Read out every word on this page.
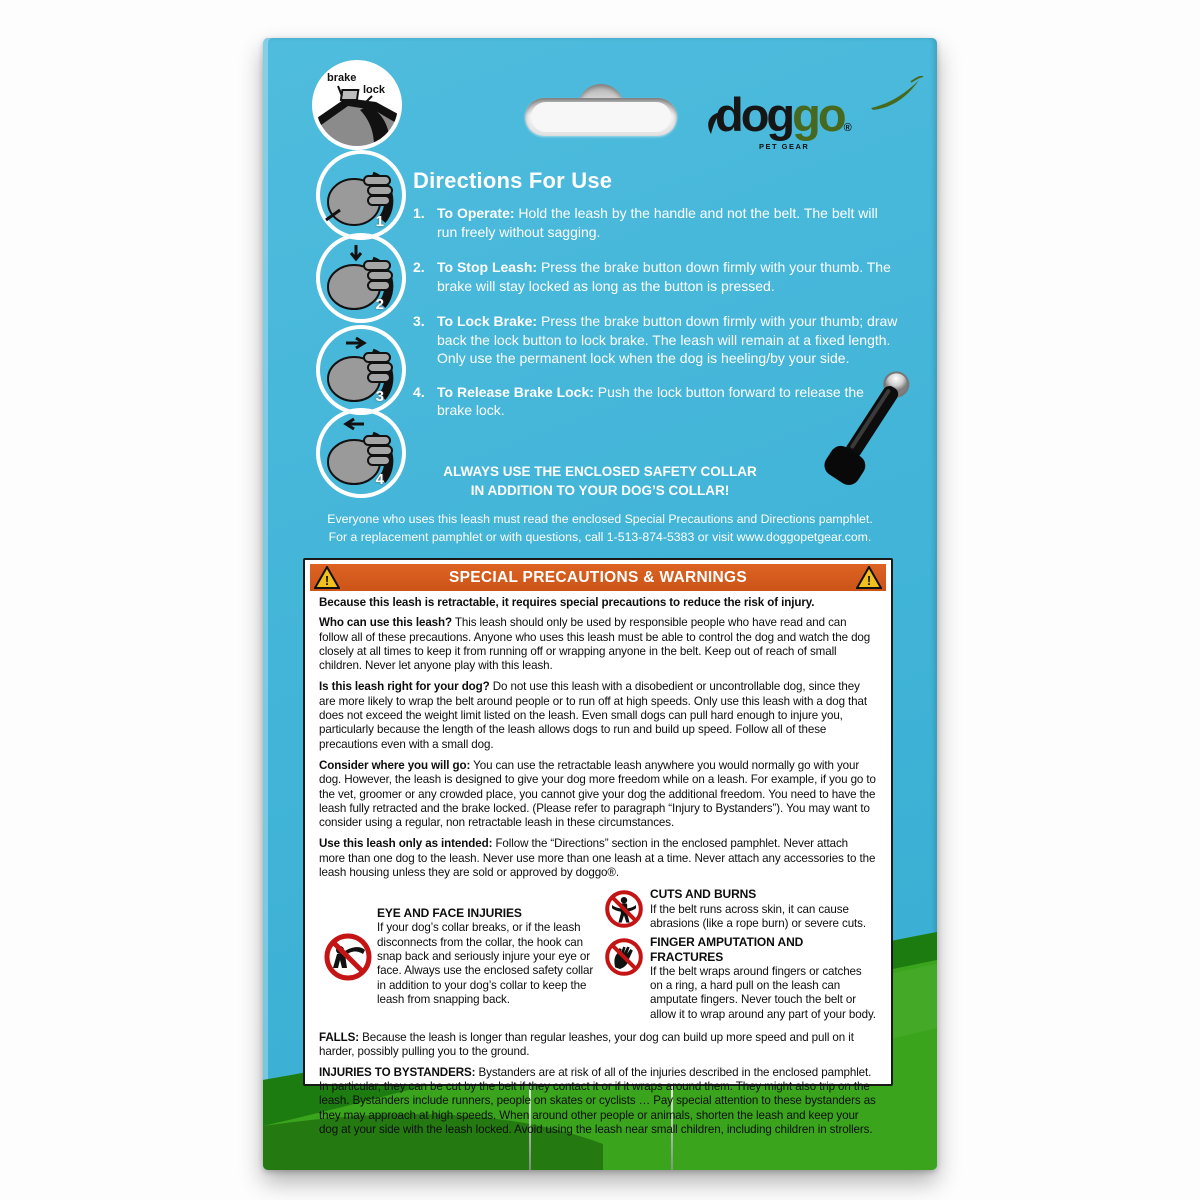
doggo®
PET GEAR
brake
lock
1
2
3
4
Directions For Use
1. To Operate: Hold the leash by the handle and not the belt. The belt will run freely without sagging.
2. To Stop Leash: Press the brake button down firmly with your thumb. The brake will stay locked as long as the button is pressed.
3. To Lock Brake: Press the brake button down firmly with your thumb; draw back the lock button to lock brake. The leash will remain at a fixed length. Only use the permanent lock when the dog is heeling/by your side.
4. To Release Brake Lock: Push the lock button forward to release the brake lock.
ALWAYS USE THE ENCLOSED SAFETY COLLAR
IN ADDITION TO YOUR DOG’S COLLAR!
Everyone who uses this leash must read the enclosed Special Precautions and Directions pamphlet.
For a replacement pamphlet or with questions, call 1-513-874-5383 or visit www.doggopetgear.com.
!	SPECIAL PRECAUTIONS & WARNINGS	!
Because this leash is retractable, it requires special precautions to reduce the risk of injury.

Who can use this leash? This leash should only be used by responsible people who have read and can follow all of these precautions. Anyone who uses this leash must be able to control the dog and watch the dog closely at all times to keep it from running off or wrapping anyone in the belt. Keep out of reach of small children. Never let anyone play with this leash.

Is this leash right for your dog? Do not use this leash with a disobedient or uncontrollable dog, since they are more likely to wrap the belt around people or to run off at high speeds. Only use this leash with a dog that does not exceed the weight limit listed on the leash. Even small dogs can pull hard enough to injure you, particularly because the length of the leash allows dogs to run and build up speed. Follow all of these precautions even with a small dog.

Consider where you will go: You can use the retractable leash anywhere you would normally go with your dog. However, the leash is designed to give your dog more freedom while on a leash. For example, if you go to the vet, groomer or any crowded place, you cannot give your dog the additional freedom. You need to have the leash fully retracted and the brake locked. (Please refer to paragraph “Injury to Bystanders”). You may want to consider using a regular, non retractable leash in these circumstances.

Use this leash only as intended: Follow the “Directions” section in the enclosed pamphlet. Never attach more than one dog to the leash. Never use more than one leash at a time. Never attach any accessories to the leash housing unless they are sold or approved by doggo®.

EYE AND FACE INJURIES
If your dog’s collar breaks, or if the leash disconnects from the collar, the hook can snap back and seriously injure your eye or face. Always use the enclosed safety collar in addition to your dog’s collar to keep the leash from snapping back.
CUTS AND BURNS
If the belt runs across skin, it can cause abrasions (like a rope burn) or severe cuts.
FINGER AMPUTATION AND FRACTURES
If the belt wraps around fingers or catches on a ring, a hard pull on the leash can amputate fingers. Never touch the belt or allow it to wrap around any part of your body.

FALLS: Because the leash is longer than regular leashes, your dog can build up more speed and pull on it harder, possibly pulling you to the ground.

INJURIES TO BYSTANDERS: Bystanders are at risk of all of the injuries described in the enclosed pamphlet. In particular, they can be cut by the belt if they contact it or if it wraps around them. They might also trip on the leash. Bystanders include runners, people on skates or cyclists … Pay special attention to these bystanders as they may approach at high speeds. When around other people or animals, shorten the leash and keep your dog at your side with the leash locked. Avoid using the leash near small children, including children in strollers.
